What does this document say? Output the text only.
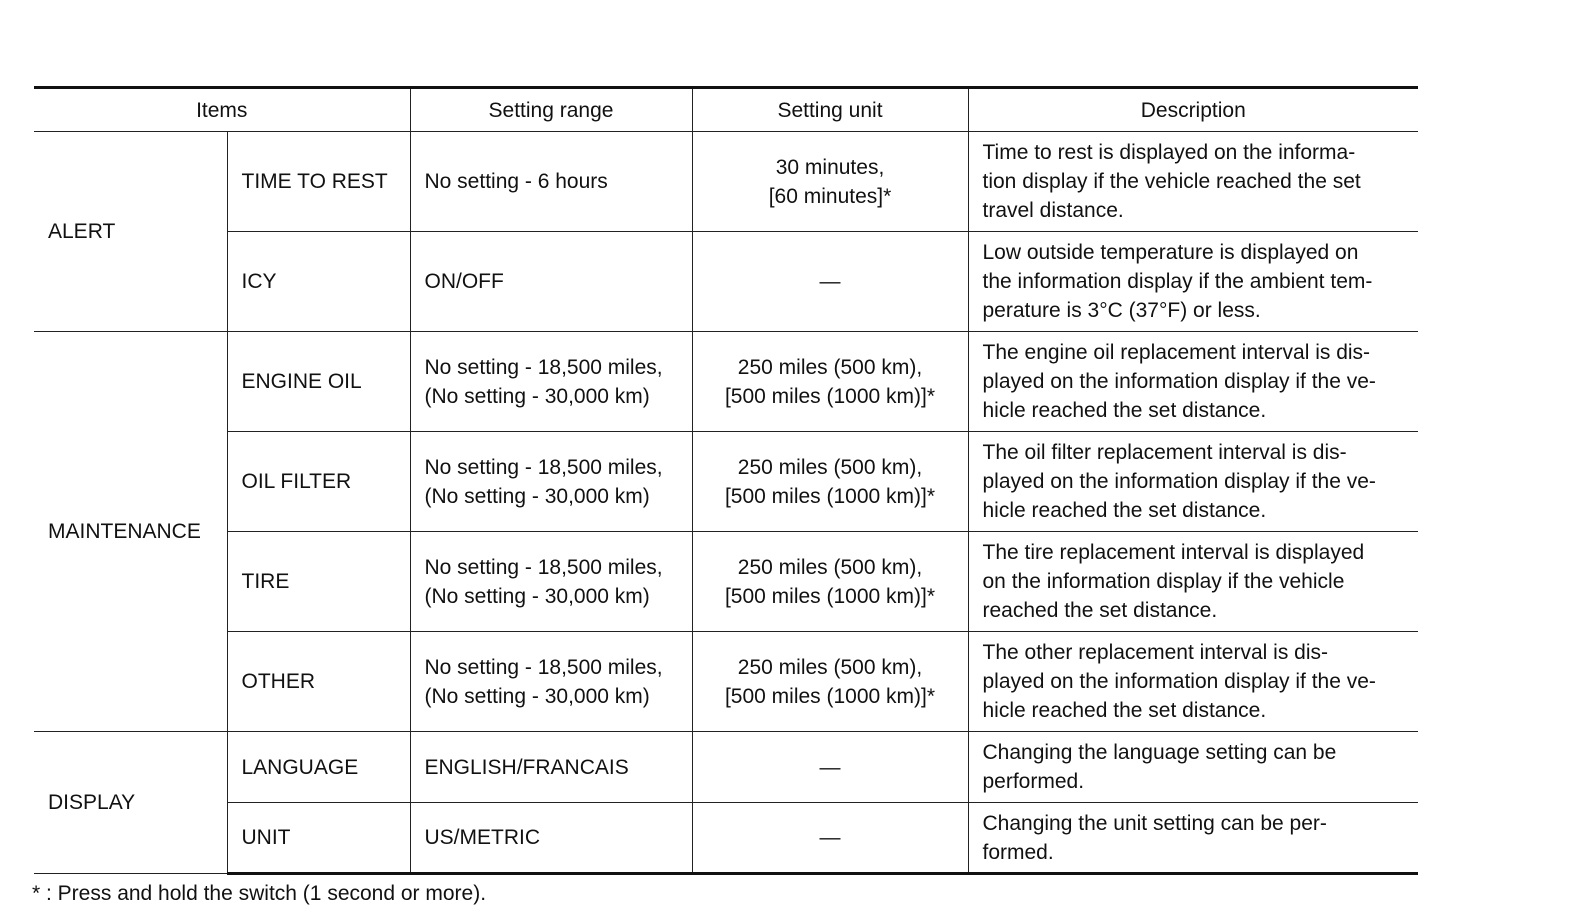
Items		Setting range	Setting unit	Description
ALERT	TIME TO REST	No setting - 6 hours	30 minutes,
[60 minutes]*	Time to rest is displayed on the informa-
tion display if the vehicle reached the set
travel distance.
	ICY	ON/OFF	—	Low outside temperature is displayed on
the information display if the ambient tem-
perature is 3°C (37°F) or less.
MAINTENANCE	ENGINE OIL	No setting - 18,500 miles,
(No setting - 30,000 km)	250 miles (500 km),
[500 miles (1000 km)]*	The engine oil replacement interval is dis-
played on the information display if the ve-
hicle reached the set distance.
	OIL FILTER	No setting - 18,500 miles,
(No setting - 30,000 km)	250 miles (500 km),
[500 miles (1000 km)]*	The oil filter replacement interval is dis-
played on the information display if the ve-
hicle reached the set distance.
	TIRE	No setting - 18,500 miles,
(No setting - 30,000 km)	250 miles (500 km),
[500 miles (1000 km)]*	The tire replacement interval is displayed
on the information display if the vehicle
reached the set distance.
	OTHER	No setting - 18,500 miles,
(No setting - 30,000 km)	250 miles (500 km),
[500 miles (1000 km)]*	The other replacement interval is dis-
played on the information display if the ve-
hicle reached the set distance.
DISPLAY	LANGUAGE	ENGLISH/FRANCAIS	—	Changing the language setting can be
performed.
	UNIT	US/METRIC	—	Changing the unit setting can be per-
formed.
* : Press and hold the switch (1 second or more).
